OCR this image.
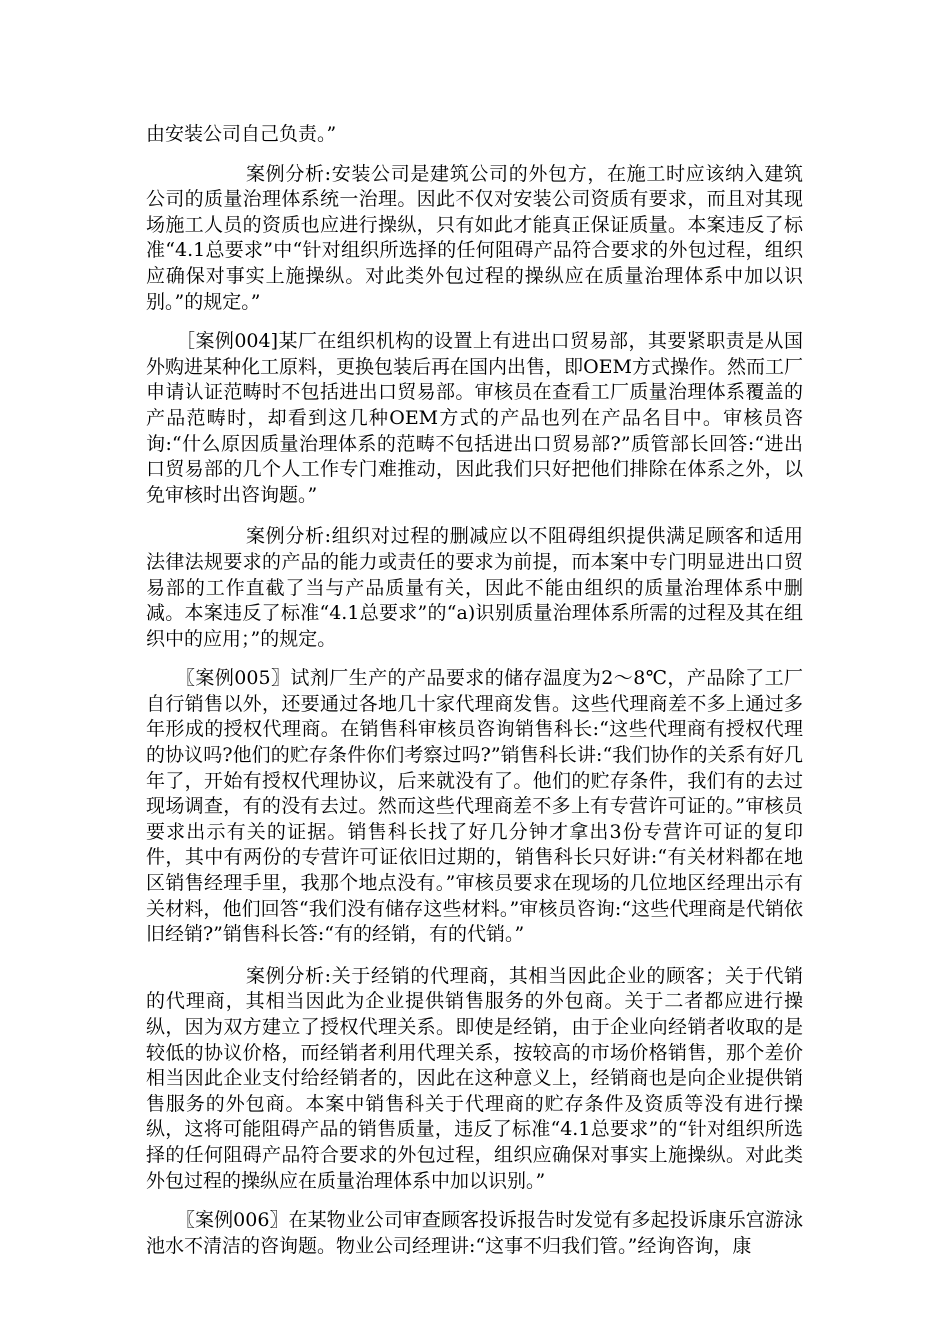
由安装公司自己负责。”

案例分析:安装公司是建筑公司的外包方，在施工时应该纳入建筑公司的质量治理体系统一治理。因此不仅对安装公司资质有要求，而且对其现场施工人员的资质也应进行操纵，只有如此才能真正保证质量。本案违反了标准“4.1总要求”中“针对组织所选择的任何阻碍产品符合要求的外包过程，组织应确保对事实上施操纵。对此类外包过程的操纵应在质量治理体系中加以识别。”的规定。”

［案例004]某厂在组织机构的设置上有进出口贸易部，其要紧职责是从国外购进某种化工原料，更换包装后再在国内出售，即OEM方式操作。然而工厂申请认证范畴时不包括进出口贸易部。审核员在查看工厂质量治理体系覆盖的产品范畴时，却看到这几种OEM方式的产品也列在产品名目中。审核员咨询:“什么原因质量治理体系的范畴不包括进出口贸易部?”质管部长回答:“进出口贸易部的几个人工作专门难推动，因此我们只好把他们排除在体系之外，以免审核时出咨询题。”

案例分析:组织对过程的删减应以不阻碍组织提供满足顾客和适用法律法规要求的产品的能力或责任的要求为前提，而本案中专门明显进出口贸易部的工作直截了当与产品质量有关，因此不能由组织的质量治理体系中删减。本案违反了标准“4.1总要求”的“a)识别质量治理体系所需的过程及其在组织中的应用；”的规定。

〖案例005〗试剂厂生产的产品要求的储存温度为2～8℃，产品除了工厂自行销售以外，还要通过各地几十家代理商发售。这些代理商差不多上通过多年形成的授权代理商。在销售科审核员咨询销售科长:“这些代理商有授权代理的协议吗?他们的贮存条件你们考察过吗?”销售科长讲:“我们协作的关系有好几年了，开始有授权代理协议，后来就没有了。他们的贮存条件，我们有的去过现场调查，有的没有去过。然而这些代理商差不多上有专营许可证的。”审核员要求出示有关的证据。销售科长找了好几分钟才拿出3份专营许可证的复印件，其中有两份的专营许可证依旧过期的，销售科长只好讲:“有关材料都在地区销售经理手里，我那个地点没有。”审核员要求在现场的几位地区经理出示有关材料，他们回答“我们没有储存这些材料。”审核员咨询:“这些代理商是代销依旧经销?”销售科长答:“有的经销，有的代销。”

案例分析:关于经销的代理商，其相当因此企业的顾客；关于代销的代理商，其相当因此为企业提供销售服务的外包商。关于二者都应进行操纵，因为双方建立了授权代理关系。即使是经销，由于企业向经销者收取的是较低的协议价格，而经销者利用代理关系，按较高的市场价格销售，那个差价相当因此企业支付给经销者的，因此在这种意义上，经销商也是向企业提供销售服务的外包商。本案中销售科关于代理商的贮存条件及资质等没有进行操纵，这将可能阻碍产品的销售质量，违反了标准“4.1总要求”的“针对组织所选择的任何阻碍产品符合要求的外包过程，组织应确保对事实上施操纵。对此类外包过程的操纵应在质量治理体系中加以识别。”

〖案例006〗在某物业公司审查顾客投诉报告时发觉有多起投诉康乐宫游泳池水不清洁的咨询题。物业公司经理讲:“这事不归我们管。”经询咨询，康
